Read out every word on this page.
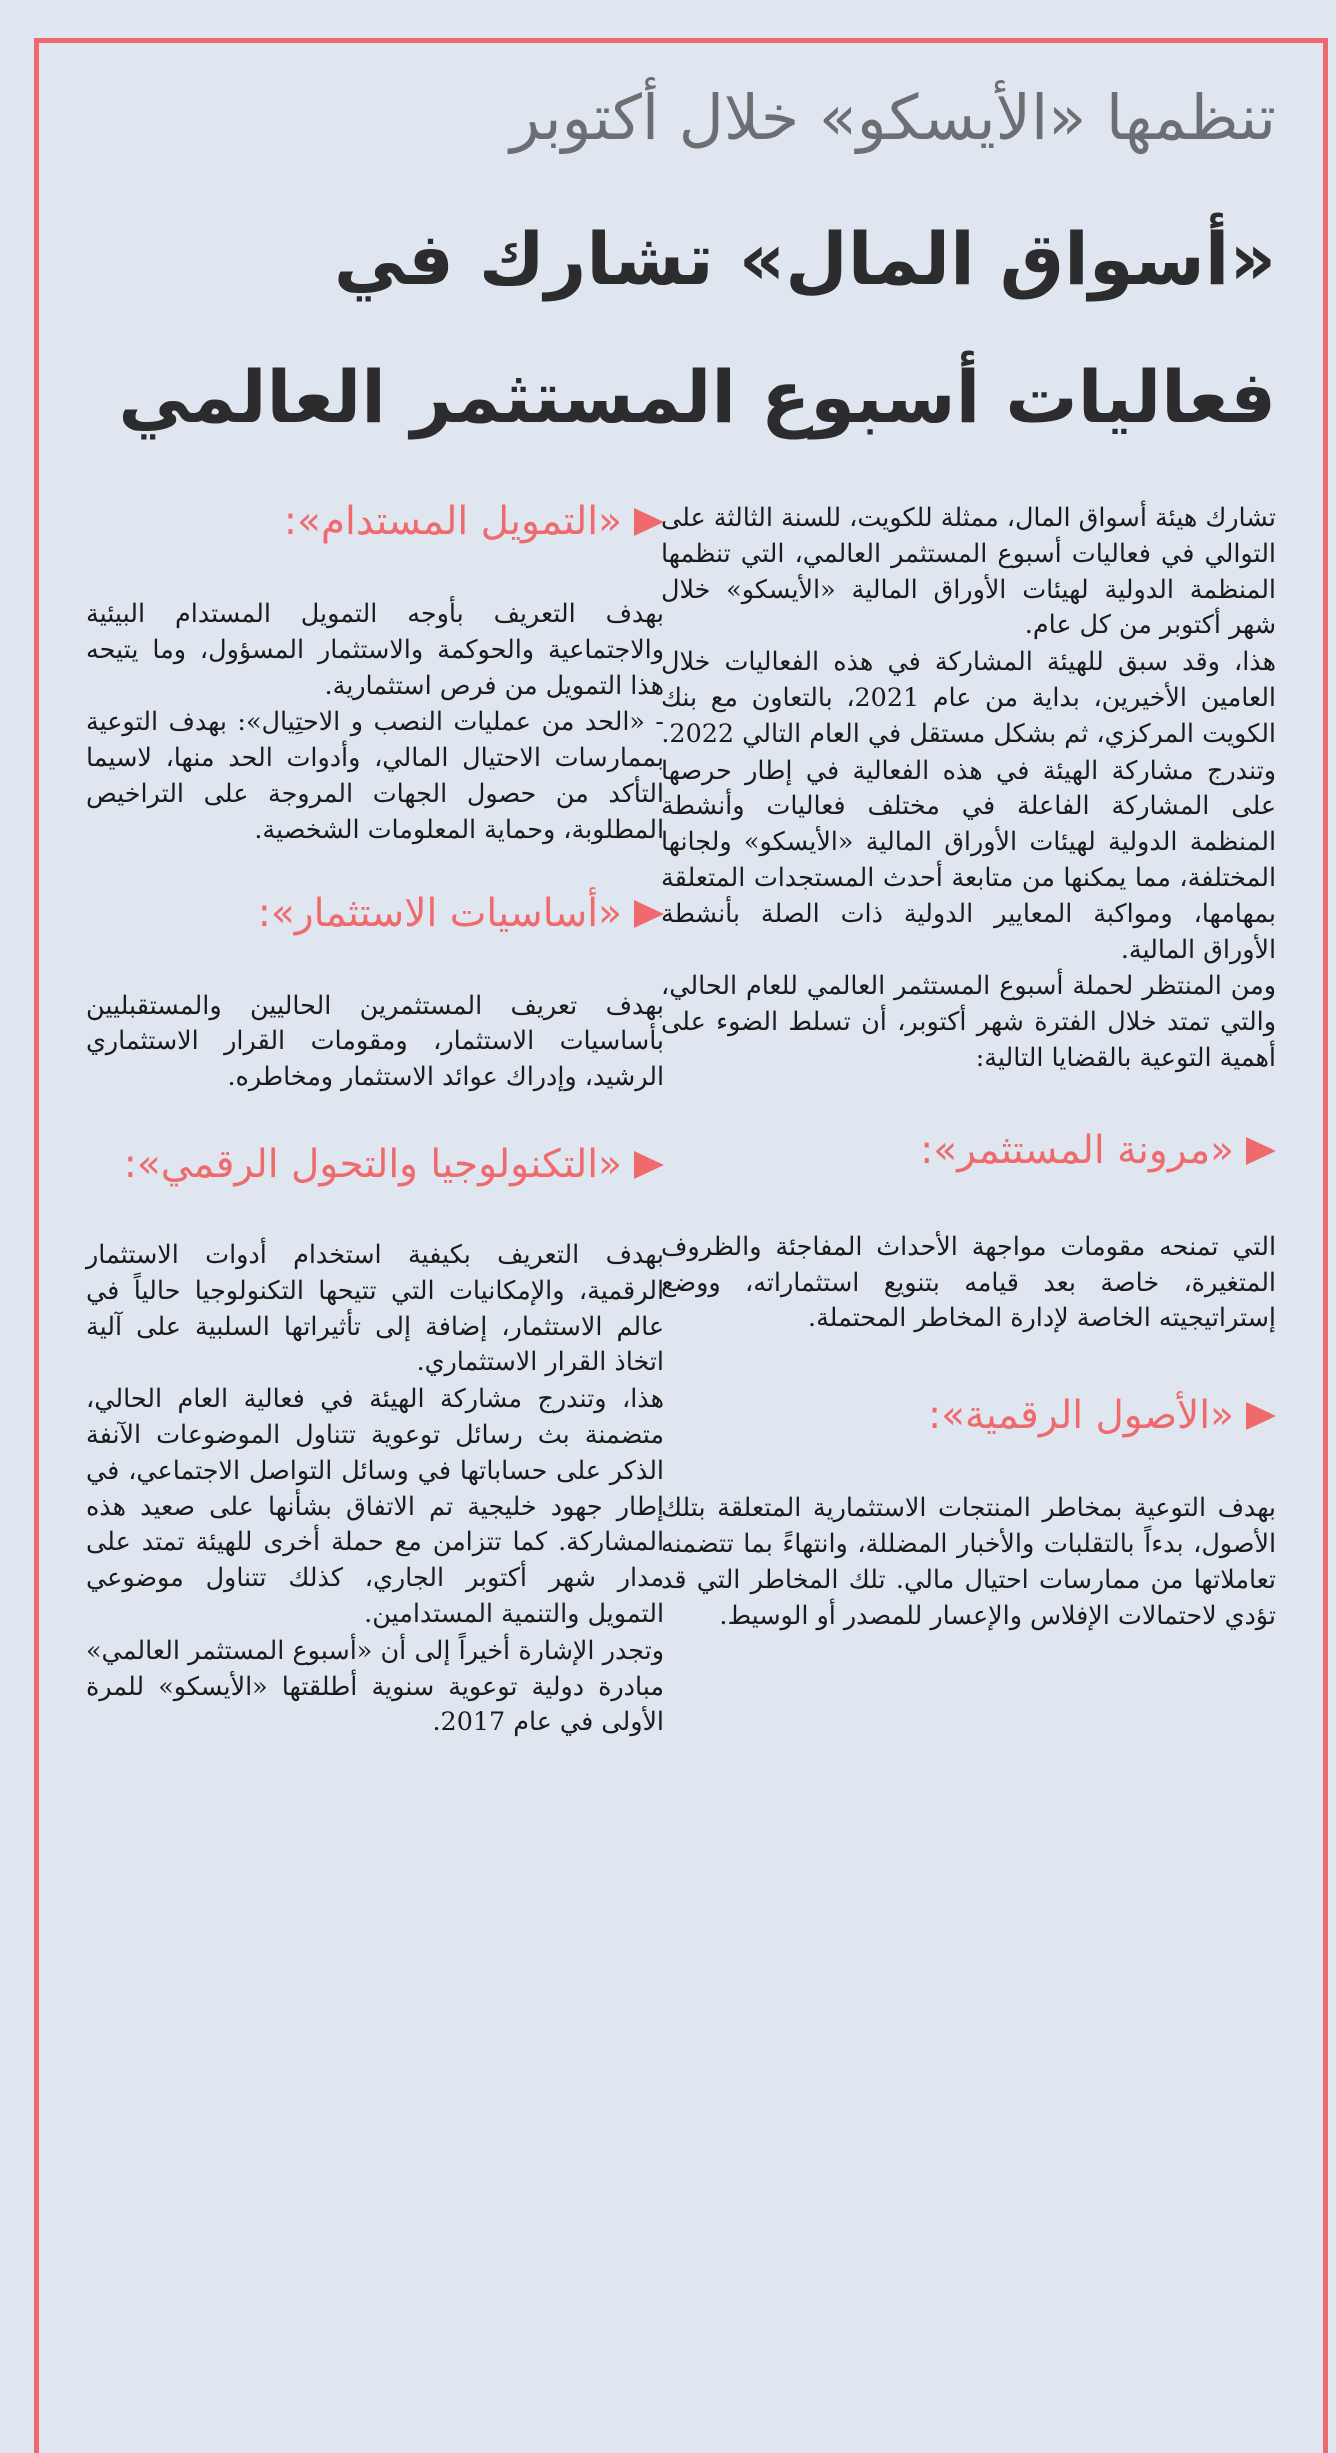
تنظمها «الأيسكو» خلال أكتوبر
«أسواق المال» تشارك في فعاليات أسبوع المستثمر العالمي

تشارك هيئة أسواق المال، ممثلة للكويت، للسنة الثالثة على التوالي في فعاليات أسبوع المستثمر العالمي، التي تنظمها المنظمة الدولية لهيئات الأوراق المالية «الأيسكو» خلال شهر أكتوبر من كل عام.

هذا، وقد سبق للهيئة المشاركة في هذه الفعاليات خلال العامين الأخيرين، بداية من عام 2021، بالتعاون مع بنك الكويت المركزي، ثم بشكل مستقل في العام التالي 2022.

وتندرج مشاركة الهيئة في هذه الفعالية في إطار حرصها على المشاركة الفاعلة في مختلف فعاليات وأنشطة المنظمة الدولية لهيئات الأوراق المالية «الأيسكو» ولجانها المختلفة، مما يمكنها من متابعة أحدث المستجدات المتعلقة بمهامها، ومواكبة المعايير الدولية ذات الصلة بأنشطة الأوراق المالية.

ومن المنتظر لحملة أسبوع المستثمر العالمي للعام الحالي، والتي تمتد خلال الفترة شهر أكتوبر، أن تسلط الضوء على أهمية التوعية بالقضايا التالية:

«مرونة المستثمر»:

التي تمنحه مقومات مواجهة الأحداث المفاجئة والظروف المتغيرة، خاصة بعد قيامه بتنويع استثماراته، ووضع إستراتيجيته الخاصة لإدارة المخاطر المحتملة.

«الأصول الرقمية»:

بهدف التوعية بمخاطر المنتجات الاستثمارية المتعلقة بتلك الأصول، بدءاً بالتقلبات والأخبار المضللة، وانتهاءً بما تتضمنه تعاملاتها من ممارسات احتيال مالي. تلك المخاطر التي قد تؤدي لاحتمالات الإفلاس والإعسار للمصدر أو الوسيط.

«التمويل المستدام»:

بهدف التعريف بأوجه التمويل المستدام البيئية والاجتماعية والحوكمة والاستثمار المسؤول، وما يتيحه هذا التمويل من فرص استثمارية.

- «الحد من عمليات النصب و الاحتِيال»: بهدف التوعية بممارسات الاحتيال المالي، وأدوات الحد منها، لاسيما التأكد من حصول الجهات المروجة على التراخيص المطلوبة، وحماية المعلومات الشخصية.

«أساسيات الاستثمار»:

بهدف تعريف المستثمرين الحاليين والمستقبليين بأساسيات الاستثمار، ومقومات القرار الاستثماري الرشيد، وإدراك عوائد الاستثمار ومخاطره.

«التكنولوجيا والتحول الرقمي»:

بهدف التعريف بكيفية استخدام أدوات الاستثمار الرقمية، والإمكانيات التي تتيحها التكنولوجيا حالياً في عالم الاستثمار، إضافة إلى تأثيراتها السلبية على آلية اتخاذ القرار الاستثماري.

هذا، وتندرج مشاركة الهيئة في فعالية العام الحالي، متضمنة بث رسائل توعوية تتناول الموضوعات الآنفة الذكر على حساباتها في وسائل التواصل الاجتماعي، في إطار جهود خليجية تم الاتفاق بشأنها على صعيد هذه المشاركة. كما تتزامن مع حملة أخرى للهيئة تمتد على مدار شهر أكتوبر الجاري، كذلك تتناول موضوعي التمويل والتنمية المستدامين.

وتجدر الإشارة أخيراً إلى أن «أسبوع المستثمر العالمي» مبادرة دولية توعوية سنوية أطلقتها «الأيسكو» للمرة الأولى في عام 2017.
